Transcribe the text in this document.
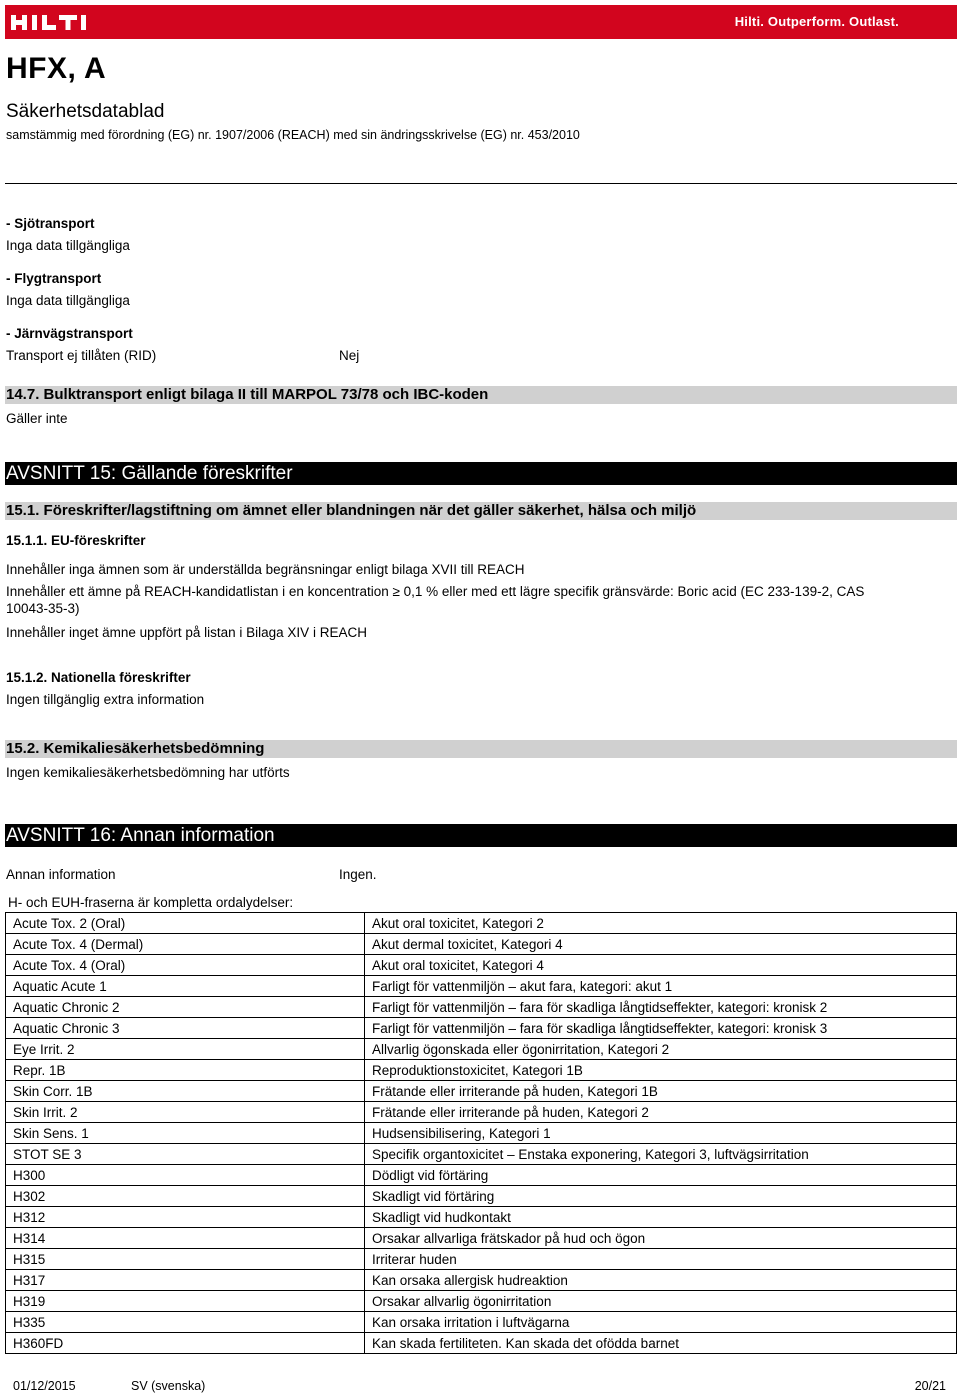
Hilti. Outperform. Outlast.
HFX, A
Säkerhetsdatablad
samstämmig med förordning (EG) nr. 1907/2006 (REACH) med sin ändringsskrivelse (EG) nr. 453/2010
- Sjötransport
Inga data tillgängliga
- Flygtransport
Inga data tillgängliga
- Järnvägstransport
Transport ej tillåten (RID)	Nej
14.7. Bulktransport enligt bilaga II till MARPOL 73/78 och IBC-koden
Gäller inte
AVSNITT 15: Gällande föreskrifter
15.1. Föreskrifter/lagstiftning om ämnet eller blandningen när det gäller säkerhet, hälsa och miljö
15.1.1. EU-föreskrifter
Innehåller inga ämnen som är underställda begränsningar enligt bilaga XVII till REACH
Innehåller ett ämne på REACH-kandidatlistan i en koncentration ≥ 0,1 % eller med ett lägre specifik gränsvärde: Boric acid (EC 233-139-2, CAS
10043-35-3)
Innehåller inget ämne uppfört på listan i Bilaga XIV i REACH
15.1.2. Nationella föreskrifter
Ingen tillgänglig extra information
15.2. Kemikaliesäkerhetsbedömning
Ingen kemikaliesäkerhetsbedömning har utförts
AVSNITT 16: Annan information
Annan information	Ingen.
H- och EUH-fraserna är kompletta ordalydelser:
Acute Tox. 2 (Oral)	Akut oral toxicitet, Kategori 2
Acute Tox. 4 (Dermal)	Akut dermal toxicitet, Kategori 4
Acute Tox. 4 (Oral)	Akut oral toxicitet, Kategori 4
Aquatic Acute 1	Farligt för vattenmiljön – akut fara, kategori: akut 1
Aquatic Chronic 2	Farligt för vattenmiljön – fara för skadliga långtidseffekter, kategori: kronisk 2
Aquatic Chronic 3	Farligt för vattenmiljön – fara för skadliga långtidseffekter, kategori: kronisk 3
Eye Irrit. 2	Allvarlig ögonskada eller ögonirritation, Kategori 2
Repr. 1B	Reproduktionstoxicitet, Kategori 1B
Skin Corr. 1B	Frätande eller irriterande på huden, Kategori 1B
Skin Irrit. 2	Frätande eller irriterande på huden, Kategori 2
Skin Sens. 1	Hudsensibilisering, Kategori 1
STOT SE 3	Specifik organtoxicitet – Enstaka exponering, Kategori 3, luftvägsirritation
H300	Dödligt vid förtäring
H302	Skadligt vid förtäring
H312	Skadligt vid hudkontakt
H314	Orsakar allvarliga frätskador på hud och ögon
H315	Irriterar huden
H317	Kan orsaka allergisk hudreaktion
H319	Orsakar allvarlig ögonirritation
H335	Kan orsaka irritation i luftvägarna
H360FD	Kan skada fertiliteten. Kan skada det ofödda barnet
01/12/2015	SV (svenska)	20/21
